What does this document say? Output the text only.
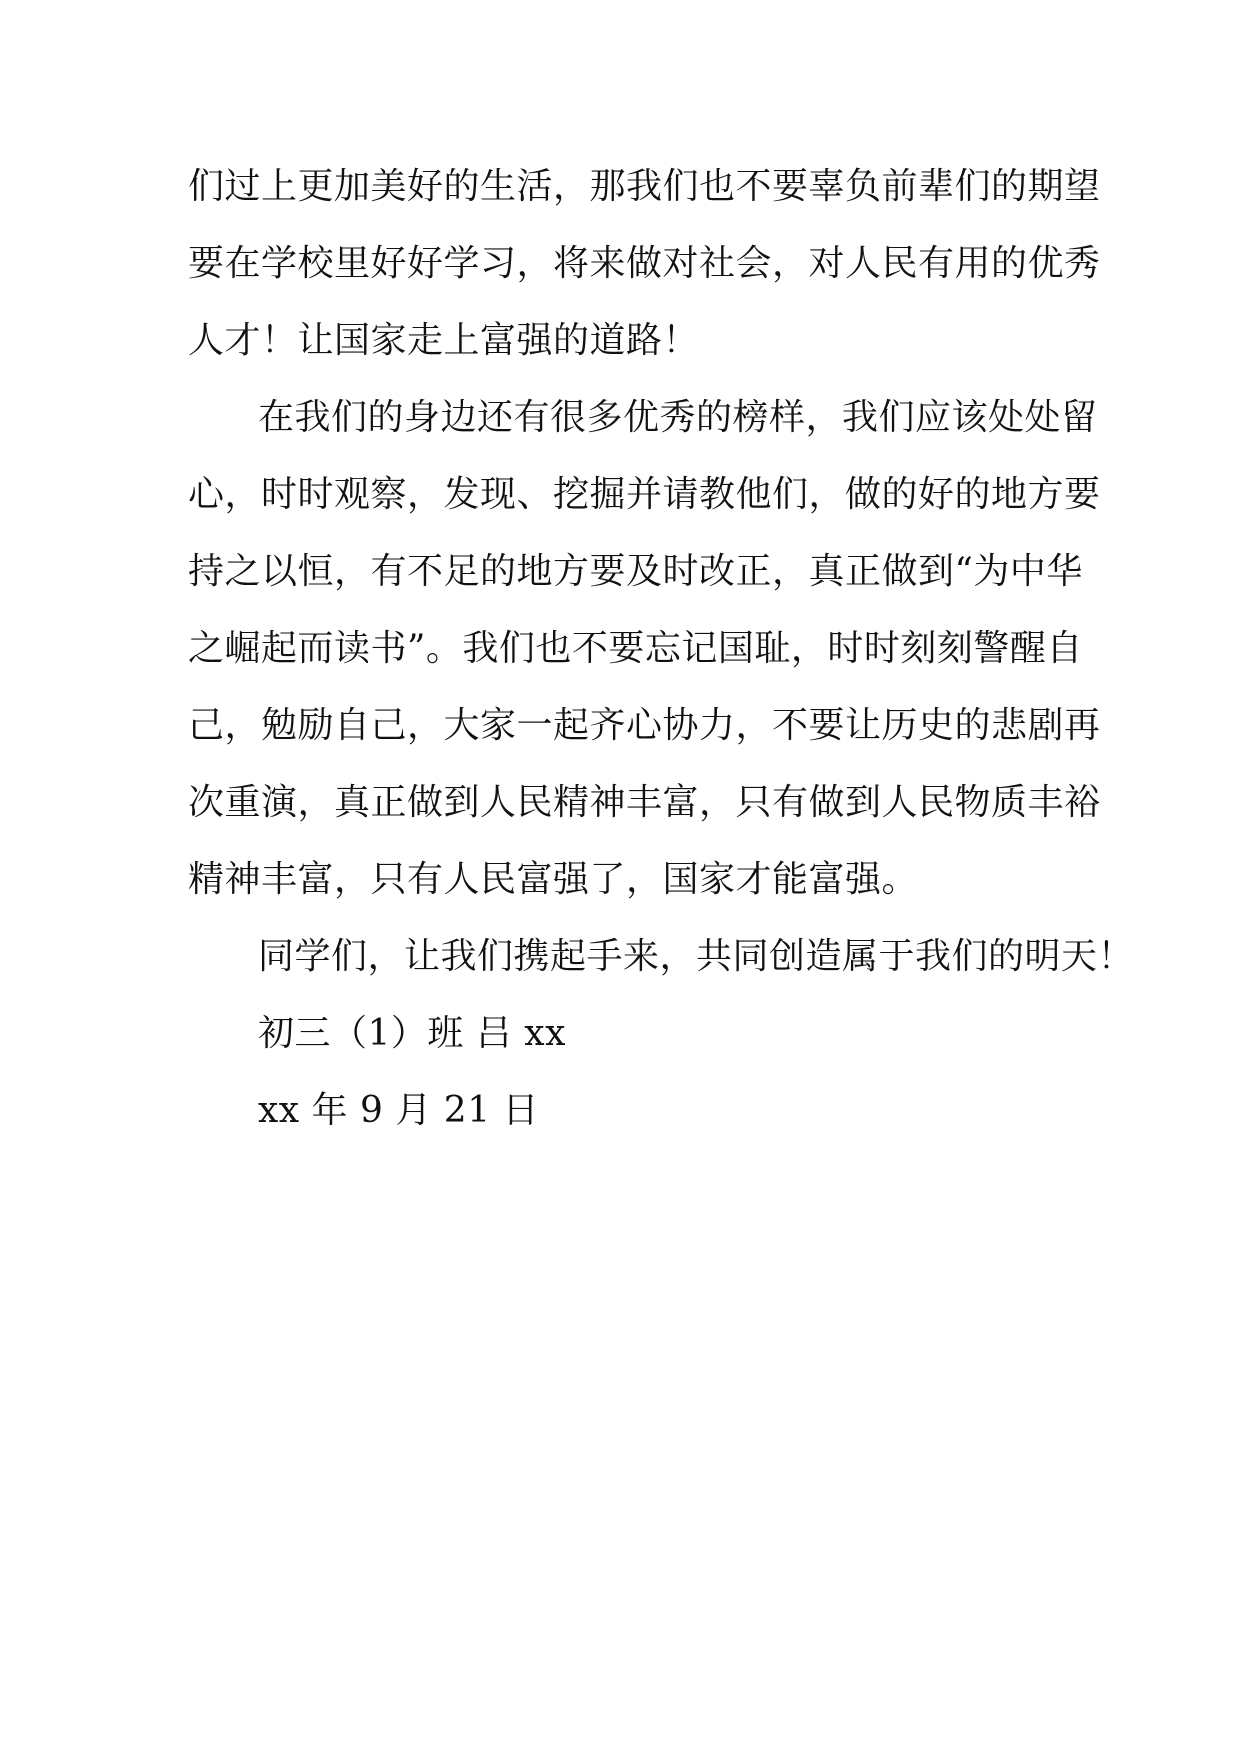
们过上更加美好的生活，那我们也不要辜负前辈们的期望
要在学校里好好学习，将来做对社会，对人民有用的优秀
人才！让国家走上富强的道路！
在我们的身边还有很多优秀的榜样，我们应该处处留
心，时时观察，发现、挖掘并请教他们，做的好的地方要
持之以恒，有不足的地方要及时改正，真正做到“为中华
之崛起而读书”。我们也不要忘记国耻，时时刻刻警醒自
己，勉励自己，大家一起齐心协力，不要让历史的悲剧再
次重演，真正做到人民精神丰富，只有做到人民物质丰裕
精神丰富，只有人民富强了，国家才能富强。
同学们，让我们携起手来，共同创造属于我们的明天！
初三（1）班 吕 xx
xx 年 9 月 21 日
